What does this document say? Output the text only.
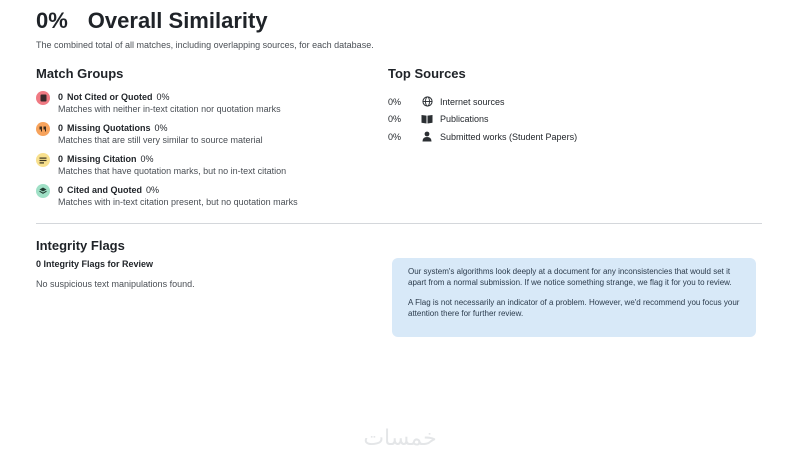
0% Overall Similarity
The combined total of all matches, including overlapping sources, for each database.
Match Groups
0 Not Cited or Quoted 0%
Matches with neither in-text citation nor quotation marks
0 Missing Quotations 0%
Matches that are still very similar to source material
0 Missing Citation 0%
Matches that have quotation marks, but no in-text citation
0 Cited and Quoted 0%
Matches with in-text citation present, but no quotation marks
Top Sources
0%	Internet sources
0%	Publications
0%	Submitted works (Student Papers)
Integrity Flags
0 Integrity Flags for Review
No suspicious text manipulations found.

Our system's algorithms look deeply at a document for any inconsistencies that would set it apart from a normal submission. If we notice something strange, we flag it for you to review.

A Flag is not necessarily an indicator of a problem. However, we'd recommend you focus your attention there for further review.

خمسات
